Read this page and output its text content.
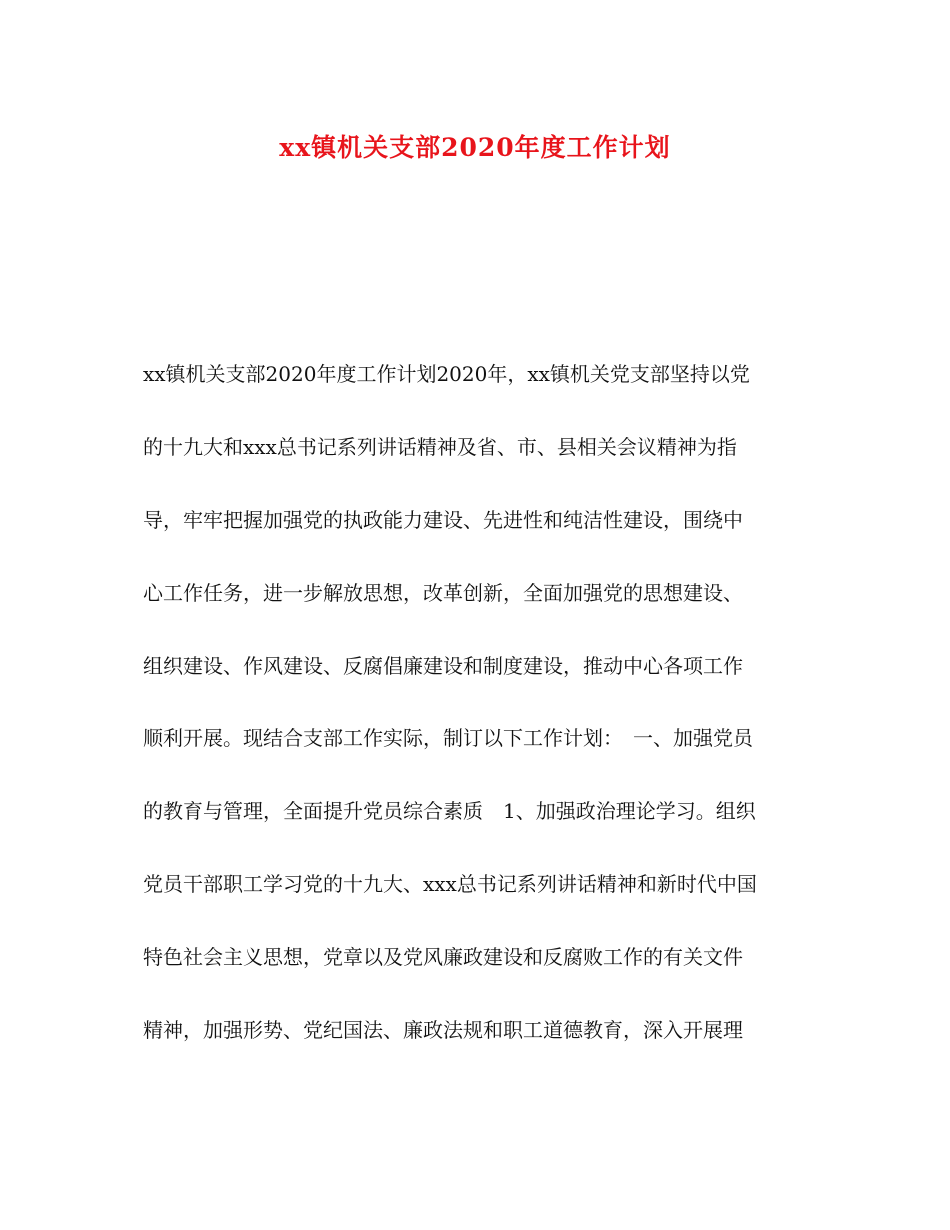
xx镇机关支部2020年度工作计划
xx镇机关支部2020年度工作计划2020年，xx镇机关党支部坚持以党
的十九大和xxx总书记系列讲话精神及省、市、县相关会议精神为指
导，牢牢把握加强党的执政能力建设、先进性和纯洁性建设，围绕中
心工作任务，进一步解放思想，改革创新，全面加强党的思想建设、
组织建设、作风建设、反腐倡廉建设和制度建设，推动中心各项工作
顺利开展。现结合支部工作实际，制订以下工作计划：　一、加强党员
的教育与管理，全面提升党员综合素质　1、加强政治理论学习。组织
党员干部职工学习党的十九大、xxx总书记系列讲话精神和新时代中国
特色社会主义思想，党章以及党风廉政建设和反腐败工作的有关文件
精神，加强形势、党纪国法、廉政法规和职工道德教育，深入开展理
